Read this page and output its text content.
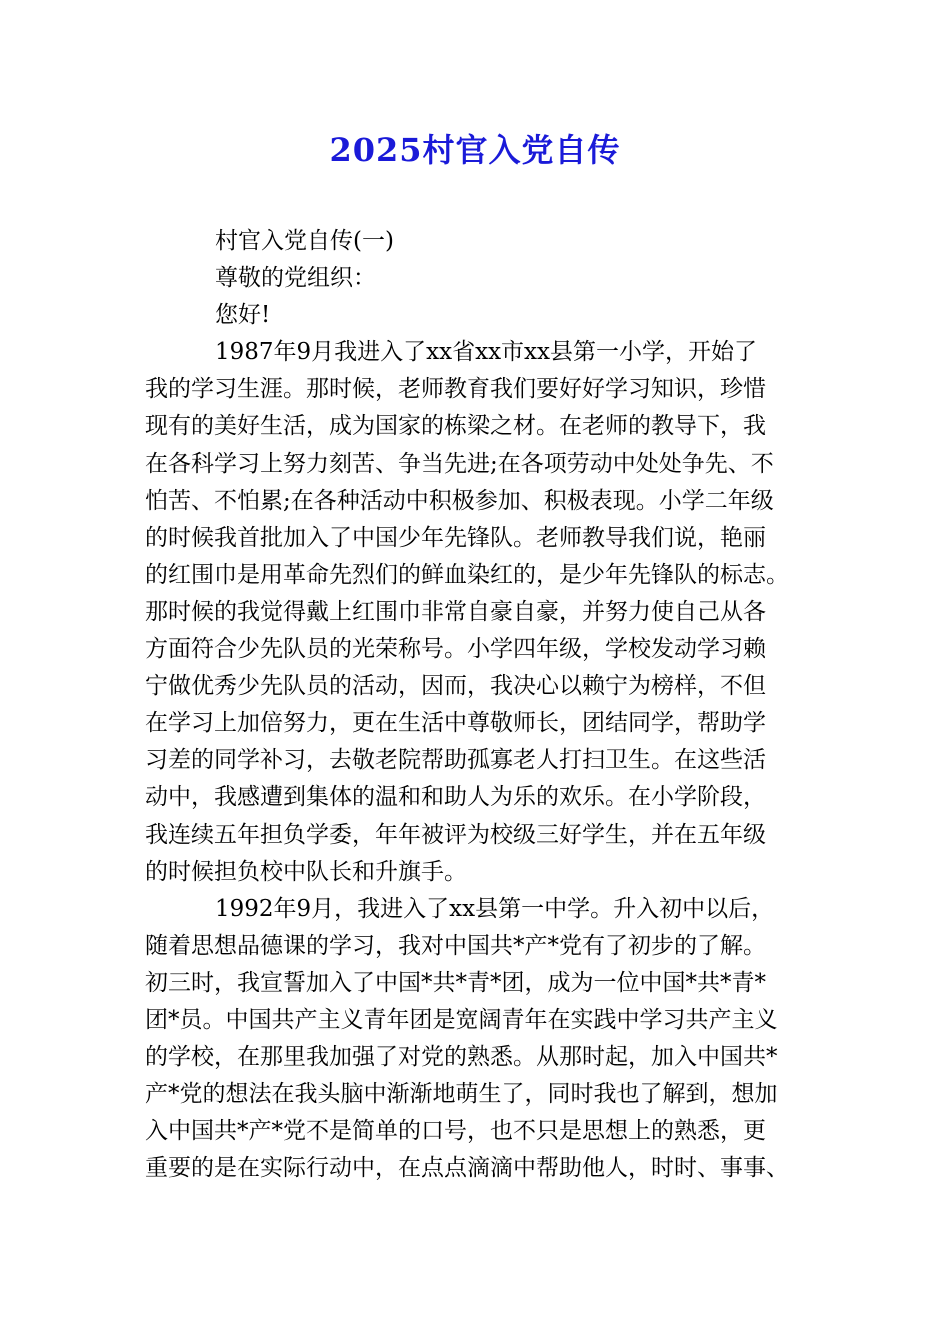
2025村官入党自传

村官入党自传(一)

尊敬的党组织：

您好!

1987年9月我进入了xx省xx市xx县第一小学，开始了

我的学习生涯。那时候，老师教育我们要好好学习知识，珍惜

现有的美好生活，成为国家的栋梁之材。在老师的教导下，我

在各科学习上努力刻苦、争当先进;在各项劳动中处处争先、不

怕苦、不怕累;在各种活动中积极参加、积极表现。小学二年级

的时候我首批加入了中国少年先锋队。老师教导我们说，艳丽

的红围巾是用革命先烈们的鲜血染红的，是少年先锋队的标志。

那时候的我觉得戴上红围巾非常自豪自豪，并努力使自己从各

方面符合少先队员的光荣称号。小学四年级，学校发动学习赖

宁做优秀少先队员的活动，因而，我决心以赖宁为榜样，不但

在学习上加倍努力，更在生活中尊敬师长，团结同学，帮助学

习差的同学补习，去敬老院帮助孤寡老人打扫卫生。在这些活

动中，我感遭到集体的温和和助人为乐的欢乐。在小学阶段，

我连续五年担负学委，年年被评为校级三好学生，并在五年级

的时候担负校中队长和升旗手。

1992年9月，我进入了xx县第一中学。升入初中以后，

随着思想品德课的学习，我对中国共*产*党有了初步的了解。

初三时，我宣誓加入了中国*共*青*团，成为一位中国*共*青*

团*员。中国共产主义青年团是宽阔青年在实践中学习共产主义

的学校，在那里我加强了对党的熟悉。从那时起，加入中国共*

产*党的想法在我头脑中渐渐地萌生了，同时我也了解到，想加

入中国共*产*党不是简单的口号，也不只是思想上的熟悉，更

重要的是在实际行动中，在点点滴滴中帮助他人，时时、事事、
